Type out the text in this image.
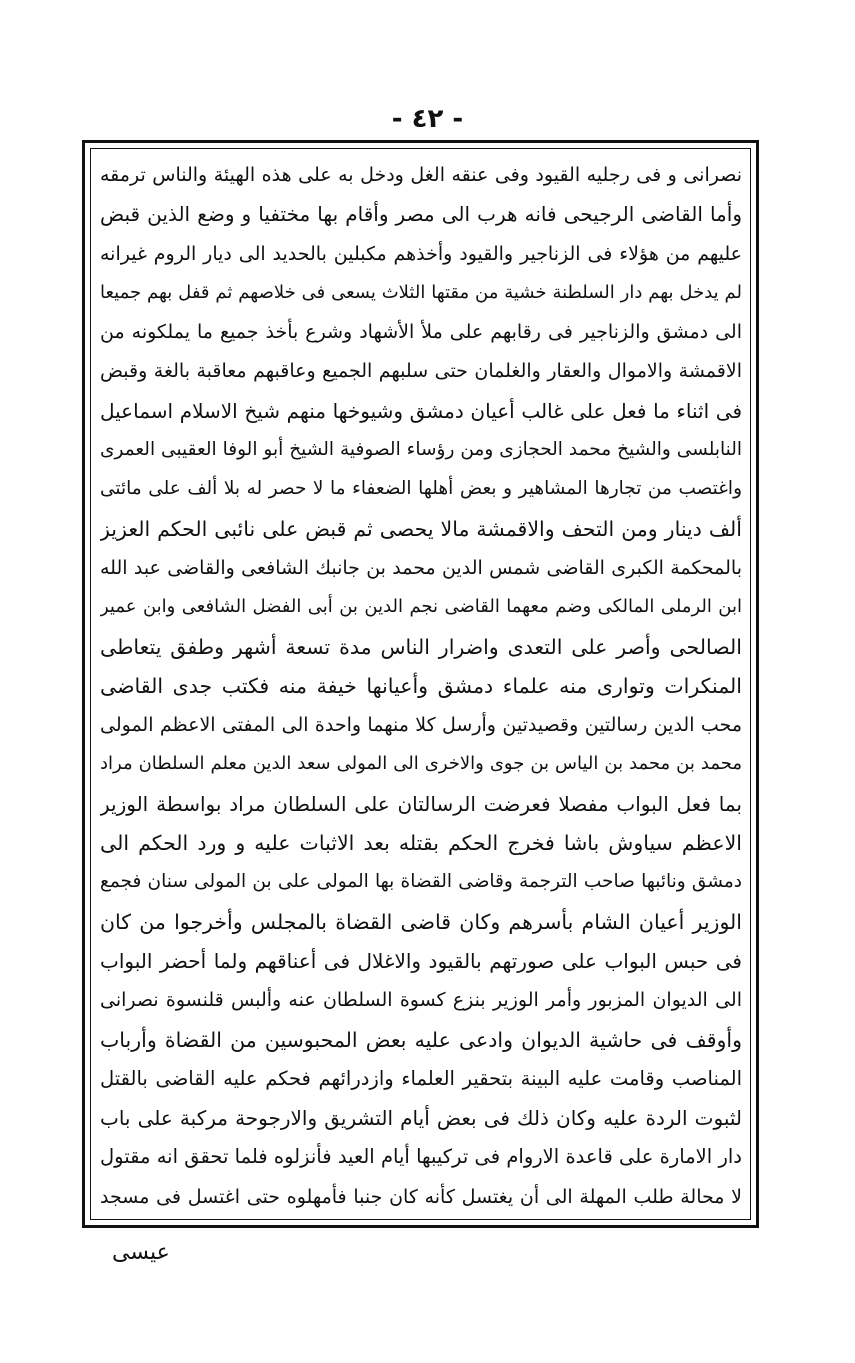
- ٤٢ -
نصرانى و فى رجليه القيود وفى عنقه الغل ودخل به على هذه الهيئة والناس ترمقه
وأما القاضى الرجيحى فانه هرب الى مصر وأقام بها مختفيا و وضع الذين قبض
عليهم من هؤلاء فى الزناجير والقيود وأخذهم مكبلين بالحديد الى ديار الروم غيرانه
لم يدخل بهم دار السلطنة خشية من مقتها الثلاث يسعى فى خلاصهم ثم قفل بهم جميعا
الى دمشق والزناجير فى رقابهم على ملأ الأشهاد وشرع بأخذ جميع ما يملكونه من
الاقمشة والاموال والعقار والغلمان حتى سلبهم الجميع وعاقبهم معاقبة بالغة وقبض
فى اثناء ما فعل على غالب أعيان دمشق وشيوخها منهم شيخ الاسلام اسماعيل
النابلسى والشيخ محمد الحجازى ومن رؤساء الصوفية الشيخ أبو الوفا العقيبى العمرى
واغتصب من تجارها المشاهير و بعض أهلها الضعفاء ما لا حصر له بلا ألف على مائتى
ألف دينار ومن التحف والاقمشة مالا يحصى ثم قبض على نائبى الحكم العزيز
بالمحكمة الكبرى القاضى شمس الدين محمد بن جانبك الشافعى والقاضى عبد الله
ابن الرملى المالكى وضم معهما القاضى نجم الدين بن أبى الفضل الشافعى وابن عمير
الصالحى وأصر على التعدى واضرار الناس مدة تسعة أشهر وطفق يتعاطى
المنكرات وتوارى منه علماء دمشق وأعيانها خيفة منه فكتب جدى القاضى
محب الدين رسالتين وقصيدتين وأرسل كلا منهما واحدة الى المفتى الاعظم المولى
محمد بن محمد بن الياس بن جوى والاخرى الى المولى سعد الدين معلم السلطان مراد
بما فعل البواب مفصلا فعرضت الرسالتان على السلطان مراد بواسطة الوزير
الاعظم سياوش باشا فخرج الحكم بقتله بعد الاثبات عليه و ورد الحكم الى
دمشق ونائبها صاحب الترجمة وقاضى القضاة بها المولى على بن المولى سنان فجمع
الوزير أعيان الشام بأسرهم وكان قاضى القضاة بالمجلس وأخرجوا من كان
فى حبس البواب على صورتهم بالقيود والاغلال فى أعناقهم ولما أحضر البواب
الى الديوان المزبور وأمر الوزير بنزع كسوة السلطان عنه وألبس قلنسوة نصرانى
وأوقف فى حاشية الديوان وادعى عليه بعض المحبوسين من القضاة وأرباب
المناصب وقامت عليه البينة بتحقير العلماء وازدرائهم فحكم عليه القاضى بالقتل
لثبوت الردة عليه وكان ذلك فى بعض أيام التشريق والارجوحة مركبة على باب
دار الامارة على قاعدة الاروام فى تركيبها أيام العيد فأنزلوه فلما تحقق انه مقتول
لا محالة طلب المهلة الى أن يغتسل كأنه كان جنبا فأمهلوه حتى اغتسل فى مسجد
عيسى
